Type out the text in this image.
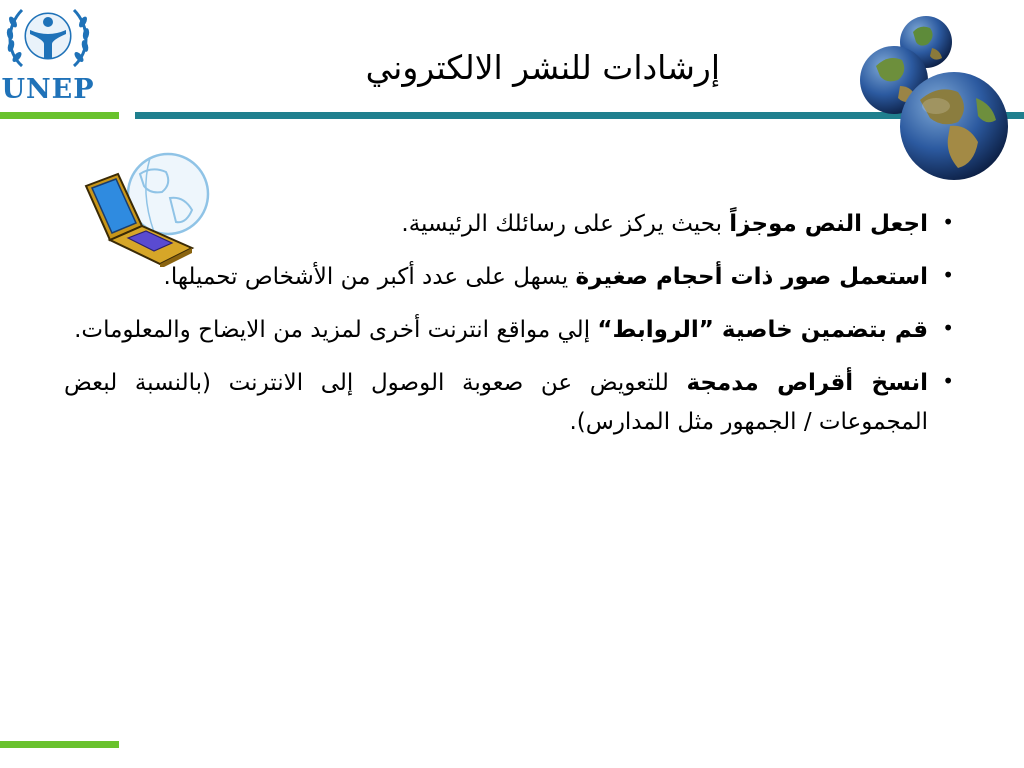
UNEP
إرشادات للنشر الالكتروني
•
اجعل النص موجزاً بحيث يركز على رسائلك الرئيسية.
•
استعمل صور ذات أحجام صغيرة يسهل على عدد أكبر من الأشخاص تحميلها.
•
قم بتضمين خاصية ”الروابط“ إلي مواقع انترنت أخرى لمزيد من الايضاح والمعلومات.
•
انسخ أقراص مدمجة للتعويض عن صعوبة الوصول إلى الانترنت (بالنسبة لبعض المجموعات / الجمهور مثل المدارس).
